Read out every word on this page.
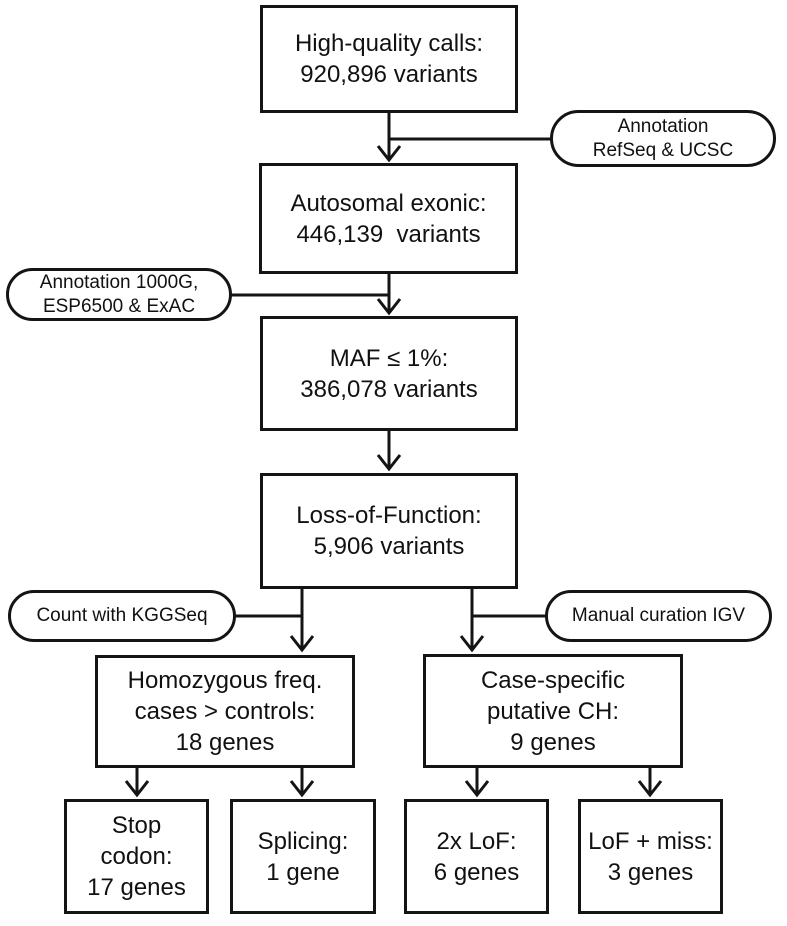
High-quality calls:
920,896 variants
Autosomal exonic:
446,139  variants
MAF ≤ 1%:
386,078 variants
Loss-of-Function:
5,906 variants
Homozygous freq.
cases > controls:
18 genes
Case-specific
putative CH:
9 genes
Stop
codon:
17 genes
Splicing:
1 gene
2x LoF:
6 genes
LoF + miss:
3 genes
Annotation
RefSeq & UCSC
Annotation 1000G,
ESP6500 & ExAC
Count with KGGSeq	Manual curation IGV
